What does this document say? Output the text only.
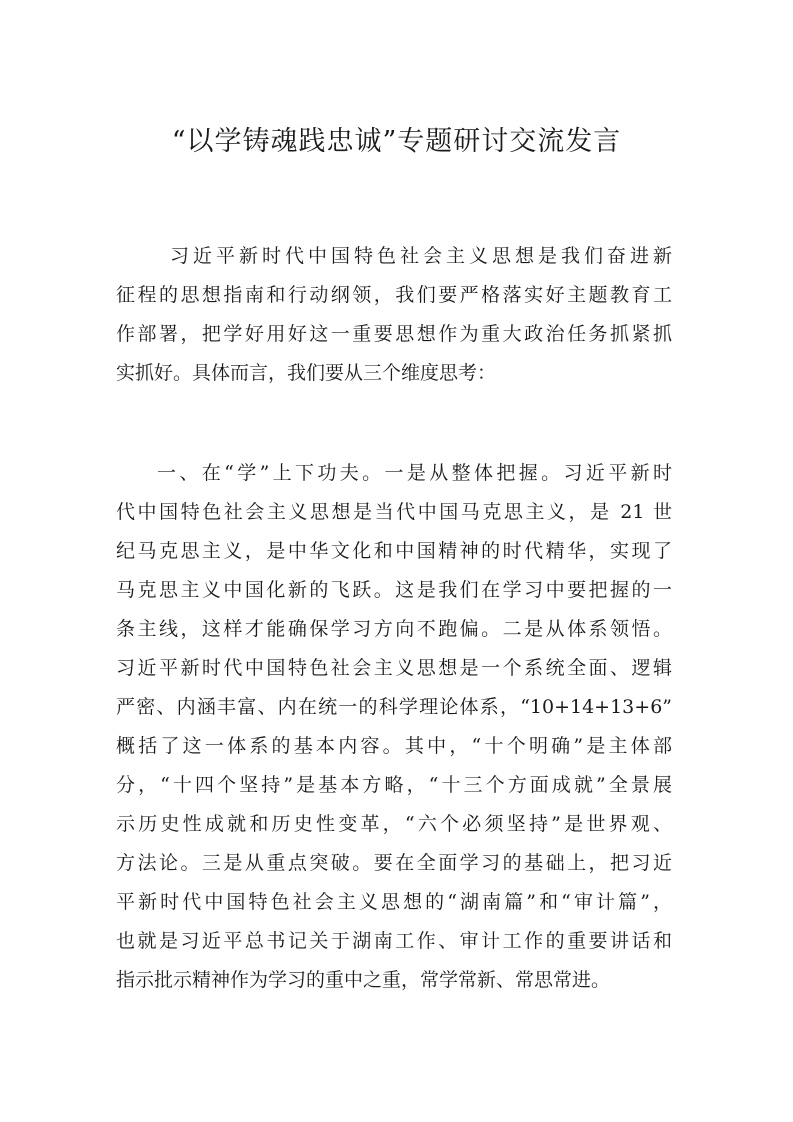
“以学铸魂践忠诚”专题研讨交流发言
习近平新时代中国特色社会主义思想是我们奋进新
征程的思想指南和行动纲领，我们要严格落实好主题教育工
作部署，把学好用好这一重要思想作为重大政治任务抓紧抓
实抓好。具体而言，我们要从三个维度思考：
一、在“学”上下功夫。一是从整体把握。习近平新时
代中国特色社会主义思想是当代中国马克思主义，是 21 世
纪马克思主义，是中华文化和中国精神的时代精华，实现了
马克思主义中国化新的飞跃。这是我们在学习中要把握的一
条主线，这样才能确保学习方向不跑偏。二是从体系领悟。
习近平新时代中国特色社会主义思想是一个系统全面、逻辑
严密、内涵丰富、内在统一的科学理论体系，“10+14+13+6”
概括了这一体系的基本内容。其中，“十个明确”是主体部
分，“十四个坚持”是基本方略，“十三个方面成就”全景展
示历史性成就和历史性变革，“六个必须坚持”是世界观、
方法论。三是从重点突破。要在全面学习的基础上，把习近
平新时代中国特色社会主义思想的“湖南篇”和“审计篇”，
也就是习近平总书记关于湖南工作、审计工作的重要讲话和
指示批示精神作为学习的重中之重，常学常新、常思常进。
